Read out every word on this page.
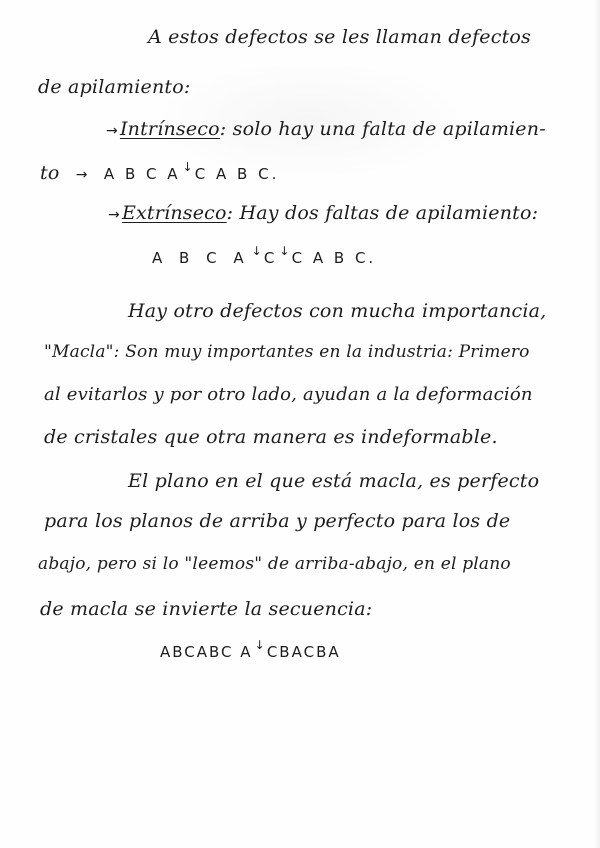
A estos defectos se les llaman defectos
de apilamiento:
→ Intrínseco: solo hay una falta de apilamien-
to → A B C A ↓ C A B C.
→ Extrínseco: Hay dos faltas de apilamiento:
A B C A ↓ C ↓ C A B C.
Hay otro defectos con mucha importancia,
"Macla": Son muy importantes en la industria: Primero
al evitarlos y por otro lado, ayudan a la deformación
de cristales que otra manera es indeformable.
El plano en el que está macla, es perfecto
para los planos de arriba y perfecto para los de
abajo, pero si lo "leemos" de arriba-abajo, en el plano
de macla se invierte la secuencia:
ABCABC A ↓ CBACBA
